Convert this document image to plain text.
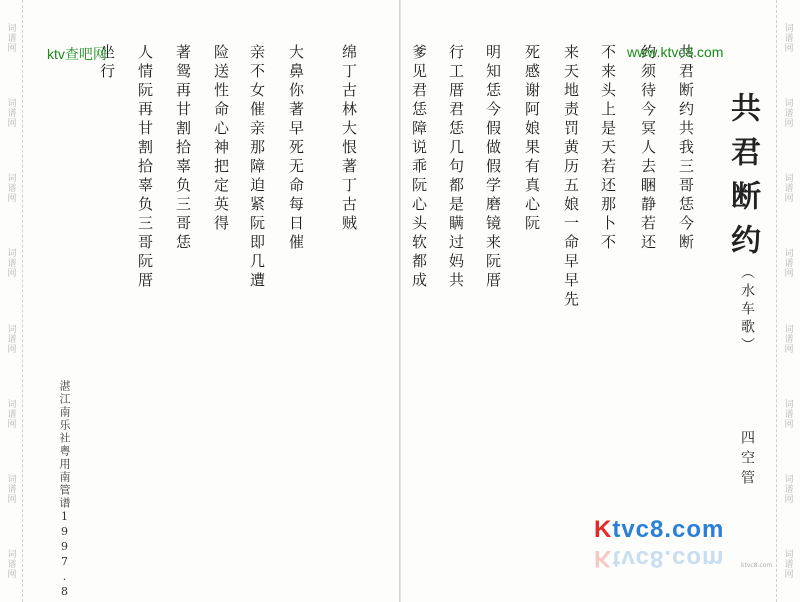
词谱网
词谱网
词谱网
词谱网
词谱网
词谱网
词谱网
词谱网
词谱网
词谱网
词谱网
词谱网
词谱网
词谱网
词谱网
词谱网
共君断约
（水车歌）
四空管
共君断约共我三哥恁今断
约须待今冥人去睏静若还
不来头上是天若还那卜不
来天地责罚黄历五娘一命早早先
死感谢阿娘果有真心阮
明知恁今假做假学磨镜来阮厝
行工厝君恁几句都是瞒过妈共
爹见君恁障说乖阮心头软都成
绵丁古林大恨著丁古贼
大鼻你著早死无命每日催
亲不女催亲那障迫紧阮即几遭
险送性命心神把定英得
著鸳再甘割拾辜负三哥恁
人情阮再甘割拾辜负三哥阮厝
坐行
湛江南乐社粤用南管谱1997.8
ktv查吧网	www.ktvc8.com
Ktvc8.com
Ktvc8.com	ktvc8.com
